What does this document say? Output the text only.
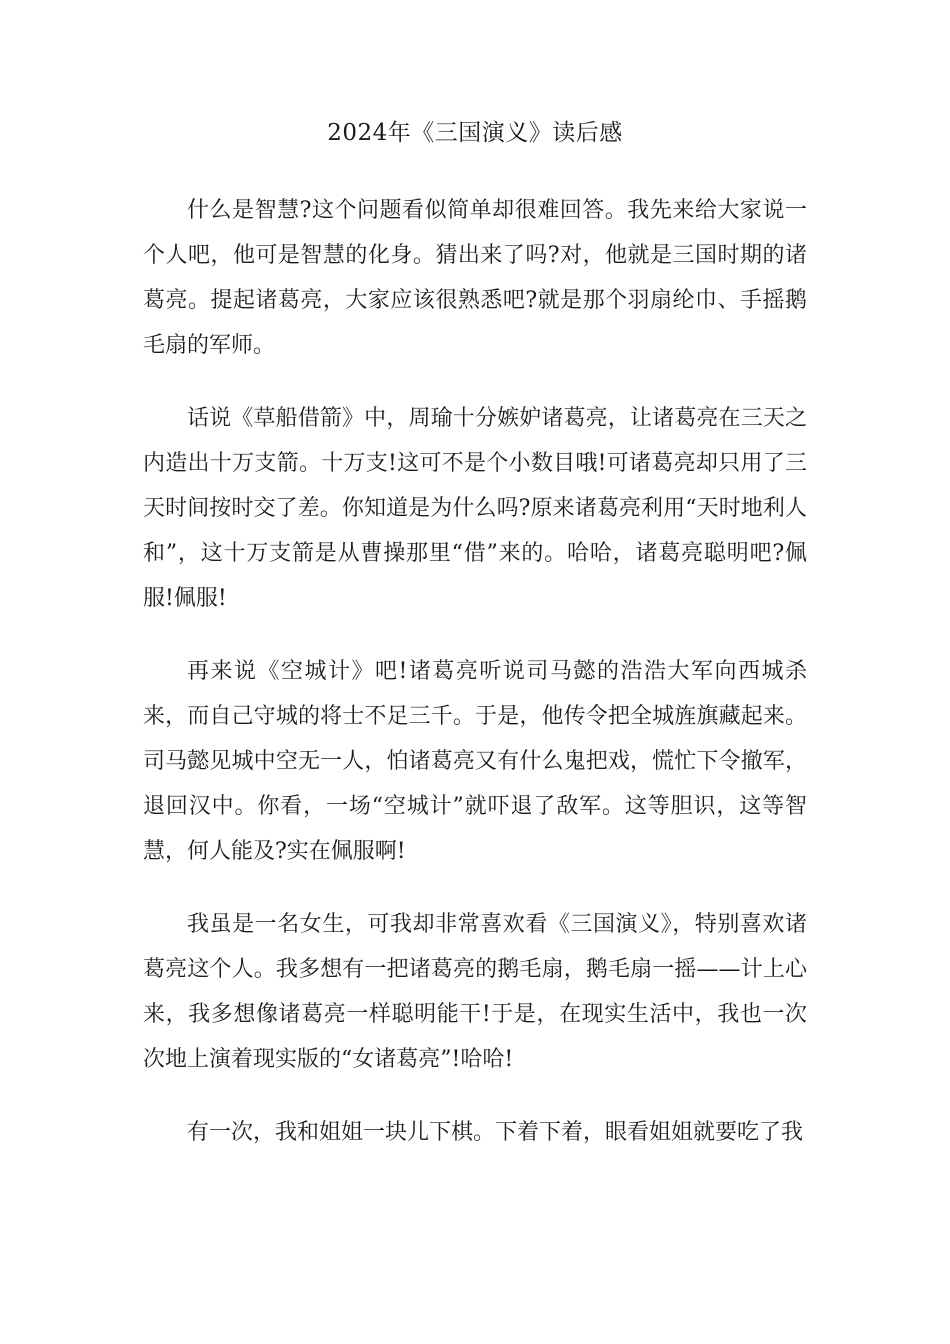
2024年《三国演义》读后感

什么是智慧?这个问题看似简单却很难回答。我先来给大家说一个人吧，他可是智慧的化身。猜出来了吗?对，他就是三国时期的诸葛亮。提起诸葛亮，大家应该很熟悉吧?就是那个羽扇纶巾、手摇鹅毛扇的军师。

话说《草船借箭》中，周瑜十分嫉妒诸葛亮，让诸葛亮在三天之内造出十万支箭。十万支!这可不是个小数目哦!可诸葛亮却只用了三天时间按时交了差。你知道是为什么吗?原来诸葛亮利用“天时地利人和”，这十万支箭是从曹操那里“借”来的。哈哈，诸葛亮聪明吧?佩服!佩服!

再来说《空城计》吧!诸葛亮听说司马懿的浩浩大军向西城杀来，而自己守城的将士不足三千。于是，他传令把全城旌旗藏起来。司马懿见城中空无一人，怕诸葛亮又有什么鬼把戏，慌忙下令撤军，退回汉中。你看，一场“空城计”就吓退了敌军。这等胆识，这等智慧，何人能及?实在佩服啊!

我虽是一名女生，可我却非常喜欢看《三国演义》，特别喜欢诸葛亮这个人。我多想有一把诸葛亮的鹅毛扇，鹅毛扇一摇——计上心来，我多想像诸葛亮一样聪明能干!于是，在现实生活中，我也一次次地上演着现实版的“女诸葛亮”!哈哈!

有一次，我和姐姐一块儿下棋。下着下着，眼看姐姐就要吃了我
